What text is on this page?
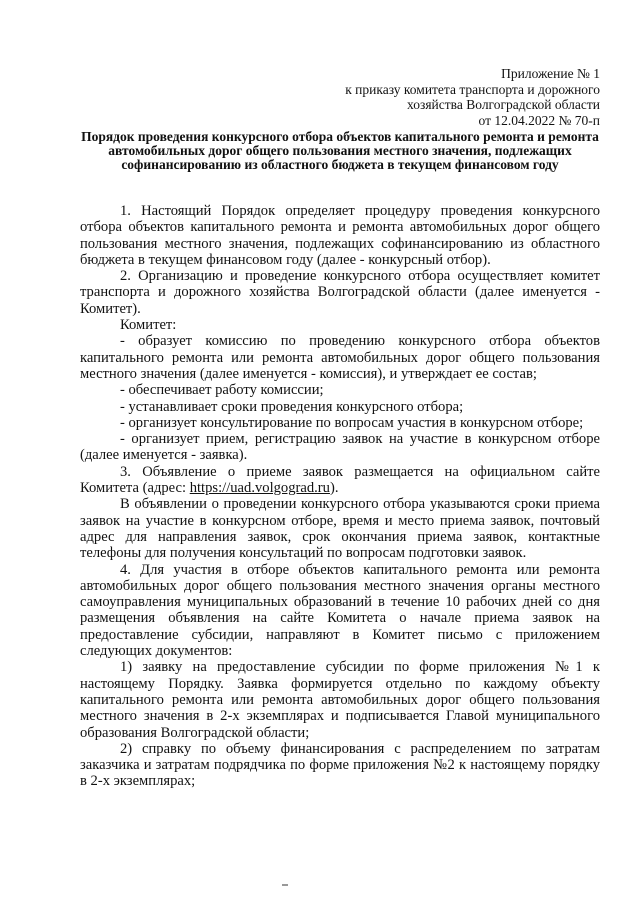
Приложение № 1
к приказу комитета транспорта и дорожного
хозяйства Волгоградской области
от 12.04.2022 № 70-п
Порядок проведения конкурсного отбора объектов капитального ремонта и ремонта автомобильных дорог общего пользования местного значения, подлежащих софинансированию из областного бюджета в текущем финансовом году

1. Настоящий Порядок определяет процедуру проведения конкурсного отбора объектов капитального ремонта и ремонта автомобильных дорог общего пользования местного значения, подлежащих софинансированию из областного бюджета в текущем финансовом году (далее - конкурсный отбор).

2. Организацию и проведение конкурсного отбора осуществляет комитет транспорта и дорожного хозяйства Волгоградской области (далее именуется - Комитет).

Комитет:

- образует комиссию по проведению конкурсного отбора объектов капитального ремонта или ремонта автомобильных дорог общего пользования местного значения (далее именуется - комиссия), и утверждает ее состав;

- обеспечивает работу комиссии;

- устанавливает сроки проведения конкурсного отбора;

- организует консультирование по вопросам участия в конкурсном отборе;

- организует прием, регистрацию заявок на участие в конкурсном отборе (далее именуется - заявка).

3. Объявление о приеме заявок размещается на официальном сайте Комитета (адрес: https://uad.volgograd.ru).

В объявлении о проведении конкурсного отбора указываются сроки приема заявок на участие в конкурсном отборе, время и место приема заявок, почтовый адрес для направления заявок, срок окончания приема заявок, контактные телефоны для получения консультаций по вопросам подготовки заявок.

4. Для участия в отборе объектов капитального ремонта или ремонта автомобильных дорог общего пользования местного значения органы местного самоуправления муниципальных образований в течение 10 рабочих дней со дня размещения объявления на сайте Комитета о начале приема заявок на предоставление субсидии, направляют в Комитет письмо с приложением следующих документов:

1) заявку на предоставление субсидии по форме приложения №1 к настоящему Порядку. Заявка формируется отдельно по каждому объекту капитального ремонта или ремонта автомобильных дорог общего пользования местного значения в 2-х экземплярах и подписывается Главой муниципального образования Волгоградской области;

2) справку по объему финансирования с распределением по затратам заказчика и затратам подрядчика по форме приложения №2 к настоящему порядку в 2-х экземплярах;
